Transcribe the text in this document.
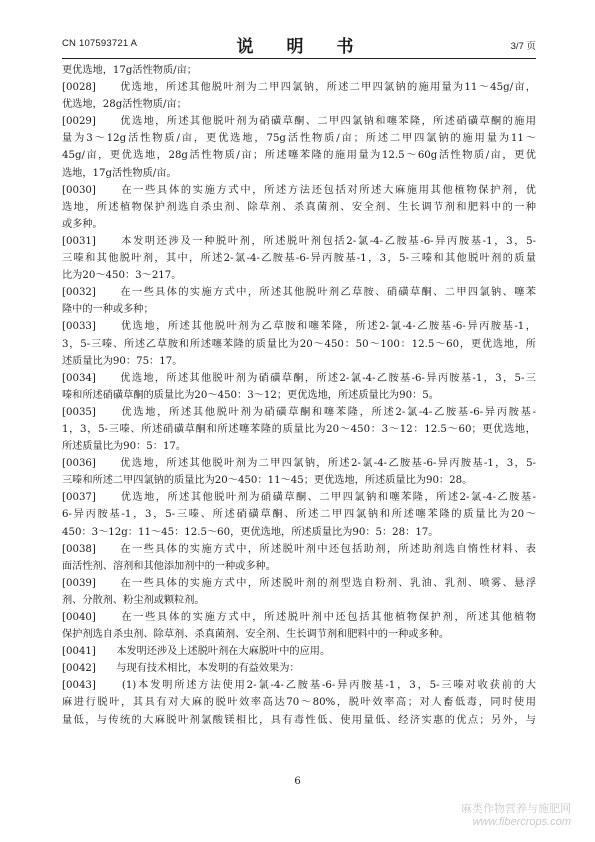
CN 107593721 A	说　明　书	3/7 页
更优选地，17g活性物质/亩；
[0028]　　优选地，所述其他脱叶剂为二甲四氯钠，所述二甲四氯钠的施用量为11～45g/亩，
优选地，28g活性物质/亩；
[0029]　　优选地，所述其他脱叶剂为硝磺草酮、二甲四氯钠和噻苯隆，所述硝磺草酮的施用
量为3～12g活性物质/亩，更优选地，75g活性物质/亩；所述二甲四氯钠的施用量为11～
45g/亩，更优选地，28g活性物质/亩；所述噻苯隆的施用量为12.5～60g活性物质/亩，更优
选地，17g活性物质/亩。
[0030]　　在一些具体的实施方式中，所述方法还包括对所述大麻施用其他植物保护剂，优
选地，所述植物保护剂选自杀虫剂、除草剂、杀真菌剂、安全剂、生长调节剂和肥料中的一种
或多种。
[0031]　　本发明还涉及一种脱叶剂，所述脱叶剂包括2-氯-4-乙胺基-6-异丙胺基-1，3，5-
三嗪和其他脱叶剂，其中，所述2-氯-4-乙胺基-6-异丙胺基-1，3，5-三嗪和其他脱叶剂的质量
比为20～450：3～217。
[0032]　　在一些具体的实施方式中，所述其他脱叶剂乙草胺、硝磺草酮、二甲四氯钠、噻苯
隆中的一种或多种；
[0033]　　优选地，所述其他脱叶剂为乙草胺和噻苯隆，所述2-氯-4-乙胺基-6-异丙胺基-1，
3，5-三嗪、所述乙草胺和所述噻苯隆的质量比为20～450：50～100：12.5～60，更优选地，所
述质量比为90：75：17。
[0034]　　优选地，所述其他脱叶剂为硝磺草酮，所述2-氯-4-乙胺基-6-异丙胺基-1，3，5-三
嗪和所述硝磺草酮的质量比为20～450：3～12；更优选地，所述质量比为90：5。
[0035]　　优选地，所述其他脱叶剂为硝磺草酮和噻苯隆，所述2-氯-4-乙胺基-6-异丙胺基-
1，3，5-三嗪、所述硝磺草酮和所述噻苯隆的质量比为20～450：3～12：12.5～60；更优选地，
所述质量比为90：5：17。
[0036]　　优选地，所述其他脱叶剂为二甲四氯钠，所述2-氯-4-乙胺基-6-异丙胺基-1，3，5-
三嗪和所述二甲四氯钠的质量比为20～450：11～45；更优选地，所述质量比为90：28。
[0037]　　优选地，所述其他脱叶剂为硝磺草酮、二甲四氯钠和噻苯隆，所述2-氯-4-乙胺基-
6-异丙胺基-1，3，5-三嗪、所述硝磺草酮、所述二甲四氯钠和所述噻苯隆的质量比为20～
450：3～12g：11～45：12.5～60，更优选地，所述质量比为90：5：28：17。
[0038]　　在一些具体的实施方式中，所述脱叶剂中还包括助剂，所述助剂选自惰性材料、表
面活性剂、溶剂和其他添加剂中的一种或多种。
[0039]　　在一些具体的实施方式中，所述脱叶剂的剂型选自粉剂、乳油、乳剂、喷雾、悬浮
剂、分散剂、粉尘剂或颗粒剂。
[0040]　　在一些具体的实施方式中，所述脱叶剂中还包括其他植物保护剂，所述其他植物
保护剂选自杀虫剂、除草剂、杀真菌剂、安全剂、生长调节剂和肥料中的一种或多种。
[0041]　　本发明还涉及上述脱叶剂在大麻脱叶中的应用。
[0042]　　与现有技术相比，本发明的有益效果为：
[0043]　　(1)本发明所述方法使用2-氯-4-乙胺基-6-异丙胺基-1，3，5-三嗪对收获前的大
麻进行脱叶，其具有对大麻的脱叶效率高达70～80%，脱叶效率高；对人畜低毒，同时使用
量低，与传统的大麻脱叶剂氯酸镁相比，具有毒性低、使用量低、经济实惠的优点；另外，与
6
麻类作物营养与施肥网
www.fibercrops.com
